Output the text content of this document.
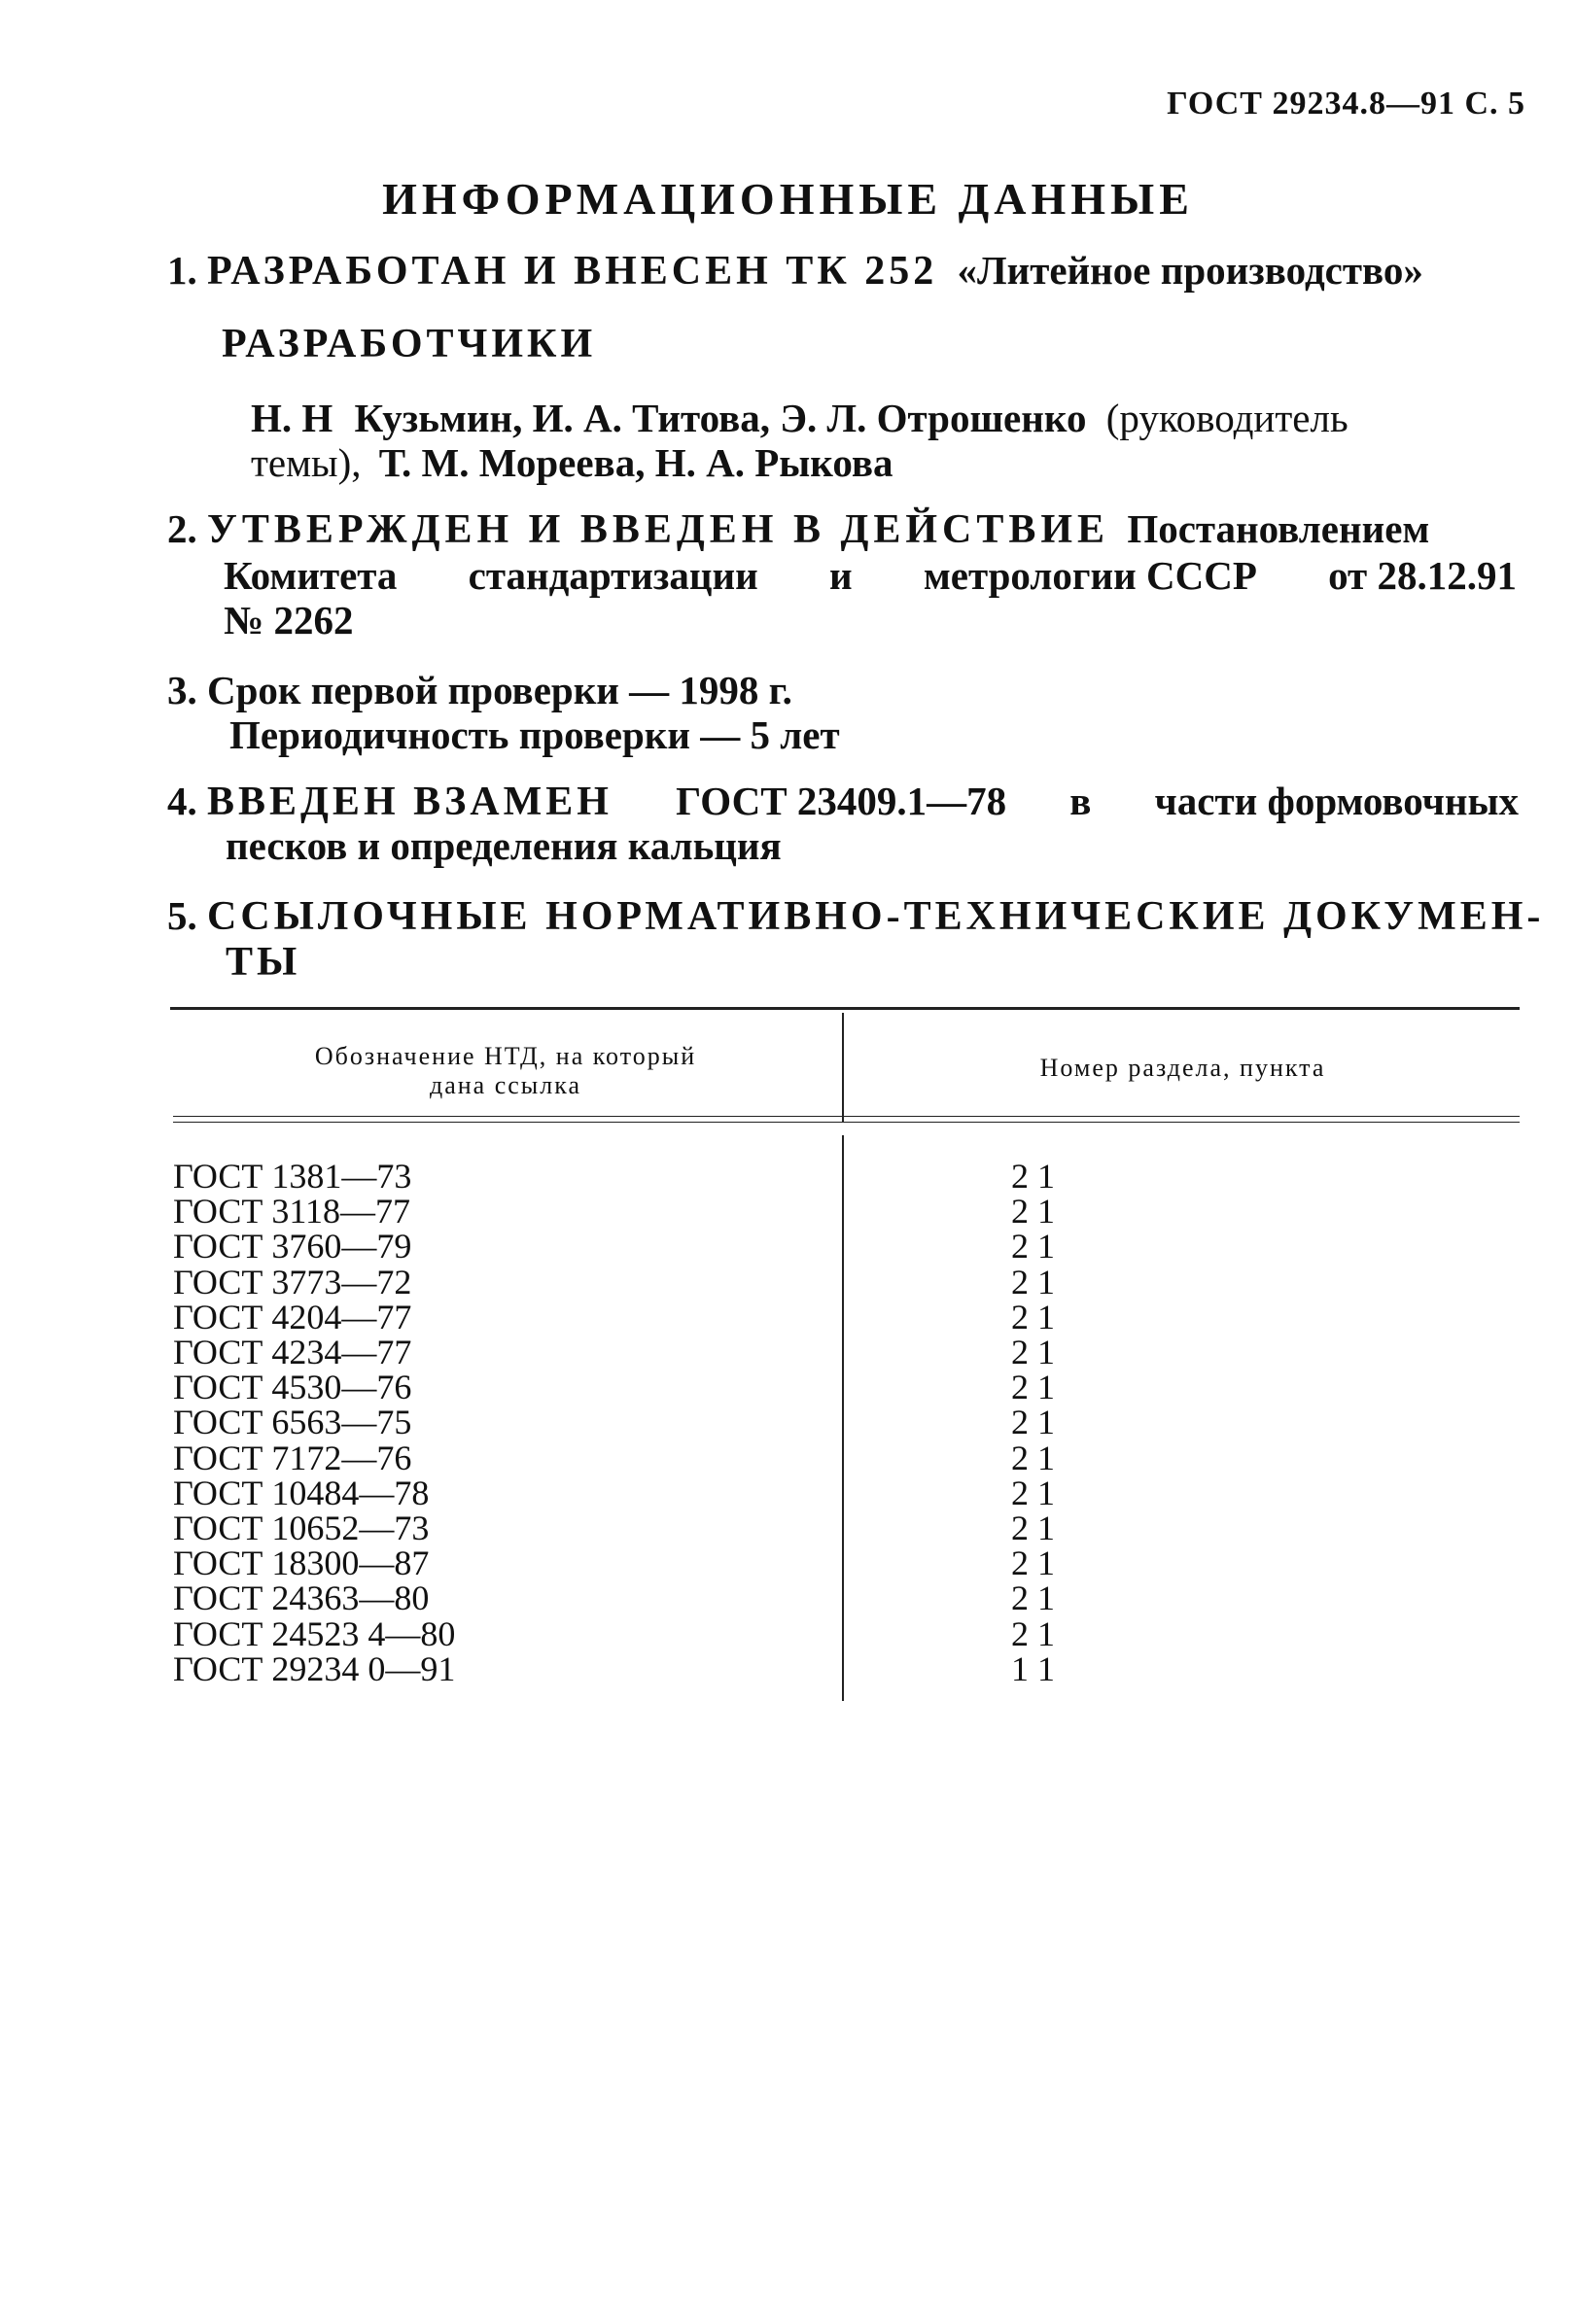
ГОСТ 29234.8—91 С. 5
ИНФОРМАЦИОННЫЕ ДАННЫЕ
1. РАЗРАБОТАН И ВНЕСЕН ТК 252 «Литейное производство»
РАЗРАБОТЧИКИ
Н. Н Кузьмин, И. А. Титова, Э. Л. Отрошенко (руководитель
темы), Т. М. Мореева, Н. А. Рыкова
2. УТВЕРЖДЕН И ВВЕДЕН В ДЕЙСТВИЕ Постановлением
Комитета стандартизации и метрологии СССР от 28.12.91
№ 2262
3. Срок первой проверки — 1998 г.
Периодичность проверки — 5 лет
4. ВВЕДЕН ВЗАМЕН ГОСТ 23409.1—78 в части формовочных
песков и определения кальция
5. ССЫЛОЧНЫЕ НОРМАТИВНО-ТЕХНИЧЕСКИЕ ДОКУМЕН-
ТЫ
Обозначение НТД, на который
дана ссылка
Номер раздела, пункта
ГОСТ 1381—73	2 1
ГОСТ 3118—77	2 1
ГОСТ 3760—79	2 1
ГОСТ 3773—72	2 1
ГОСТ 4204—77	2 1
ГОСТ 4234—77	2 1
ГОСТ 4530—76	2 1
ГОСТ 6563—75	2 1
ГОСТ 7172—76	2 1
ГОСТ 10484—78	2 1
ГОСТ 10652—73	2 1
ГОСТ 18300—87	2 1
ГОСТ 24363—80	2 1
ГОСТ 24523 4—80	2 1
ГОСТ 29234 0—91	1 1
